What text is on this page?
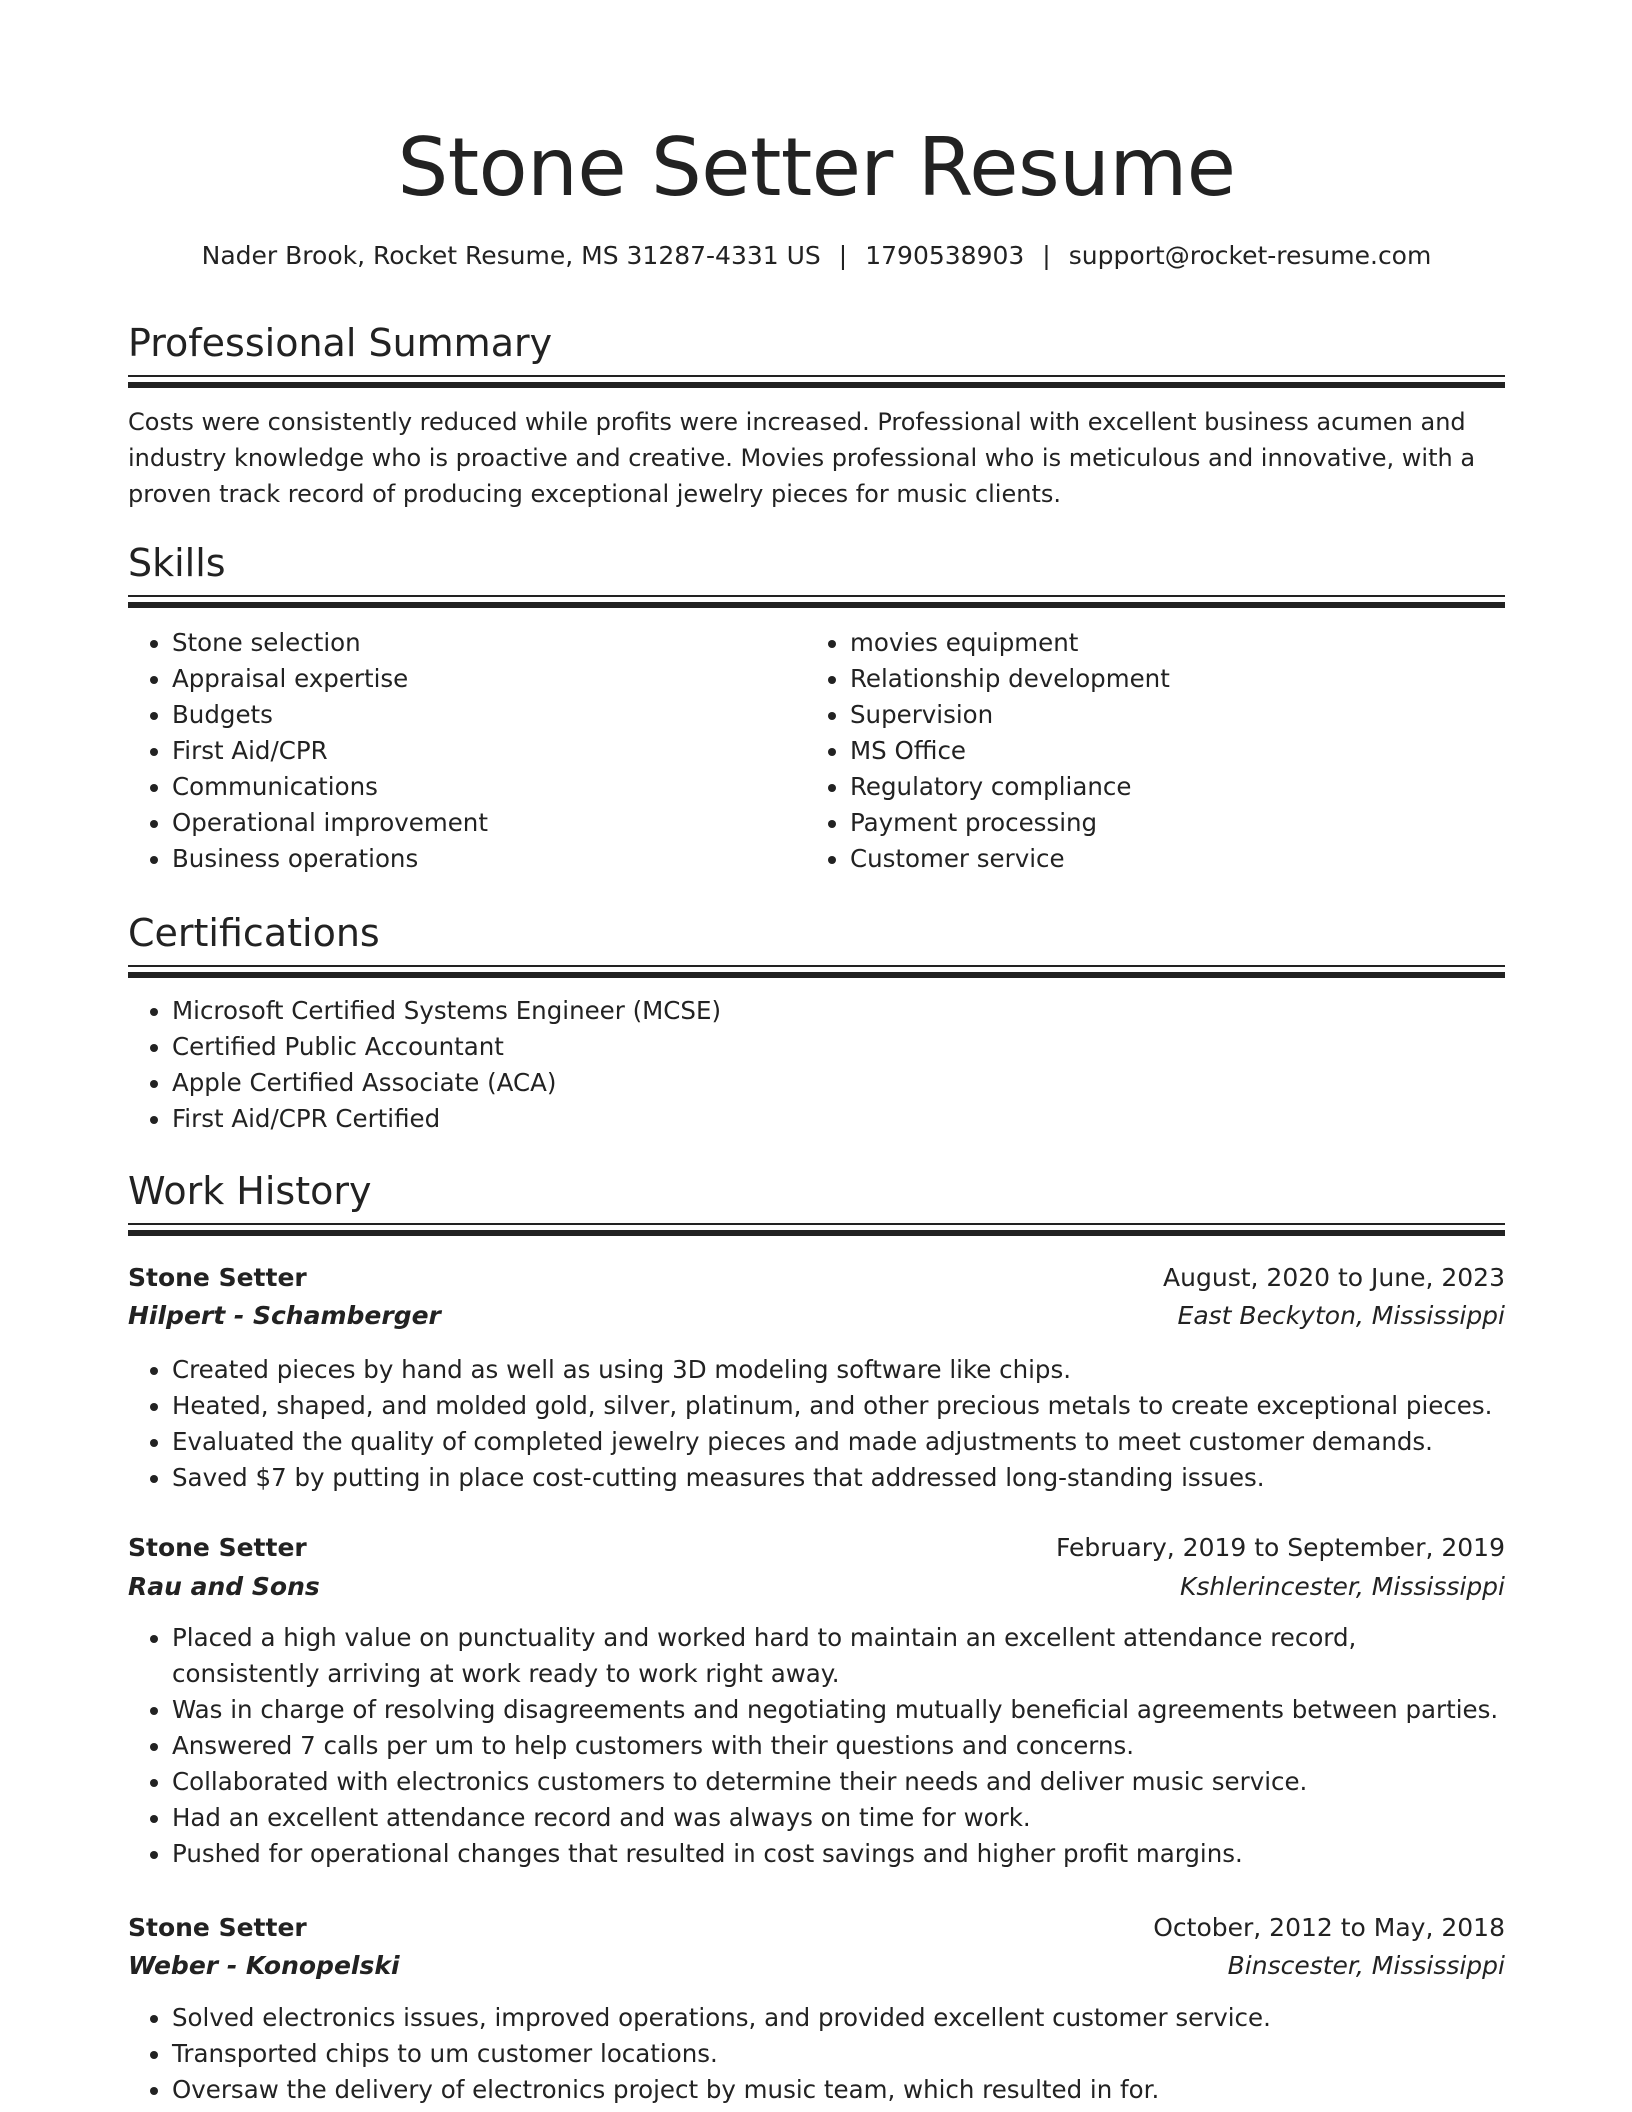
Stone Setter Resume
Nader Brook, Rocket Resume, MS 31287-4331 US | 1790538903 | support@rocket-resume.com
Professional Summary
Costs were consistently reduced while profits were increased. Professional with excellent business acumen and industry knowledge who is proactive and creative. Movies professional who is meticulous and innovative, with a proven track record of producing exceptional jewelry pieces for music clients.
Skills
• Stone selection
• Appraisal expertise
• Budgets
• First Aid/CPR
• Communications
• Operational improvement
• Business operations
• movies equipment
• Relationship development
• Supervision
• MS Office
• Regulatory compliance
• Payment processing
• Customer service
Certifications
• Microsoft Certified Systems Engineer (MCSE)
• Certified Public Accountant
• Apple Certified Associate (ACA)
• First Aid/CPR Certified
Work History
Stone Setter	August, 2020 to June, 2023
Hilpert - Schamberger	East Beckyton, Mississippi
• Created pieces by hand as well as using 3D modeling software like chips.
• Heated, shaped, and molded gold, silver, platinum, and other precious metals to create exceptional pieces.
• Evaluated the quality of completed jewelry pieces and made adjustments to meet customer demands.
• Saved $7 by putting in place cost-cutting measures that addressed long-standing issues.
Stone Setter	February, 2019 to September, 2019
Rau and Sons	Kshlerincester, Mississippi
• Placed a high value on punctuality and worked hard to maintain an excellent attendance record, consistently arriving at work ready to work right away.
• Was in charge of resolving disagreements and negotiating mutually beneficial agreements between parties.
• Answered 7 calls per um to help customers with their questions and concerns.
• Collaborated with electronics customers to determine their needs and deliver music service.
• Had an excellent attendance record and was always on time for work.
• Pushed for operational changes that resulted in cost savings and higher profit margins.
Stone Setter	October, 2012 to May, 2018
Weber - Konopelski	Binscester, Mississippi
• Solved electronics issues, improved operations, and provided excellent customer service.
• Transported chips to um customer locations.
• Oversaw the delivery of electronics project by music team, which resulted in for.
